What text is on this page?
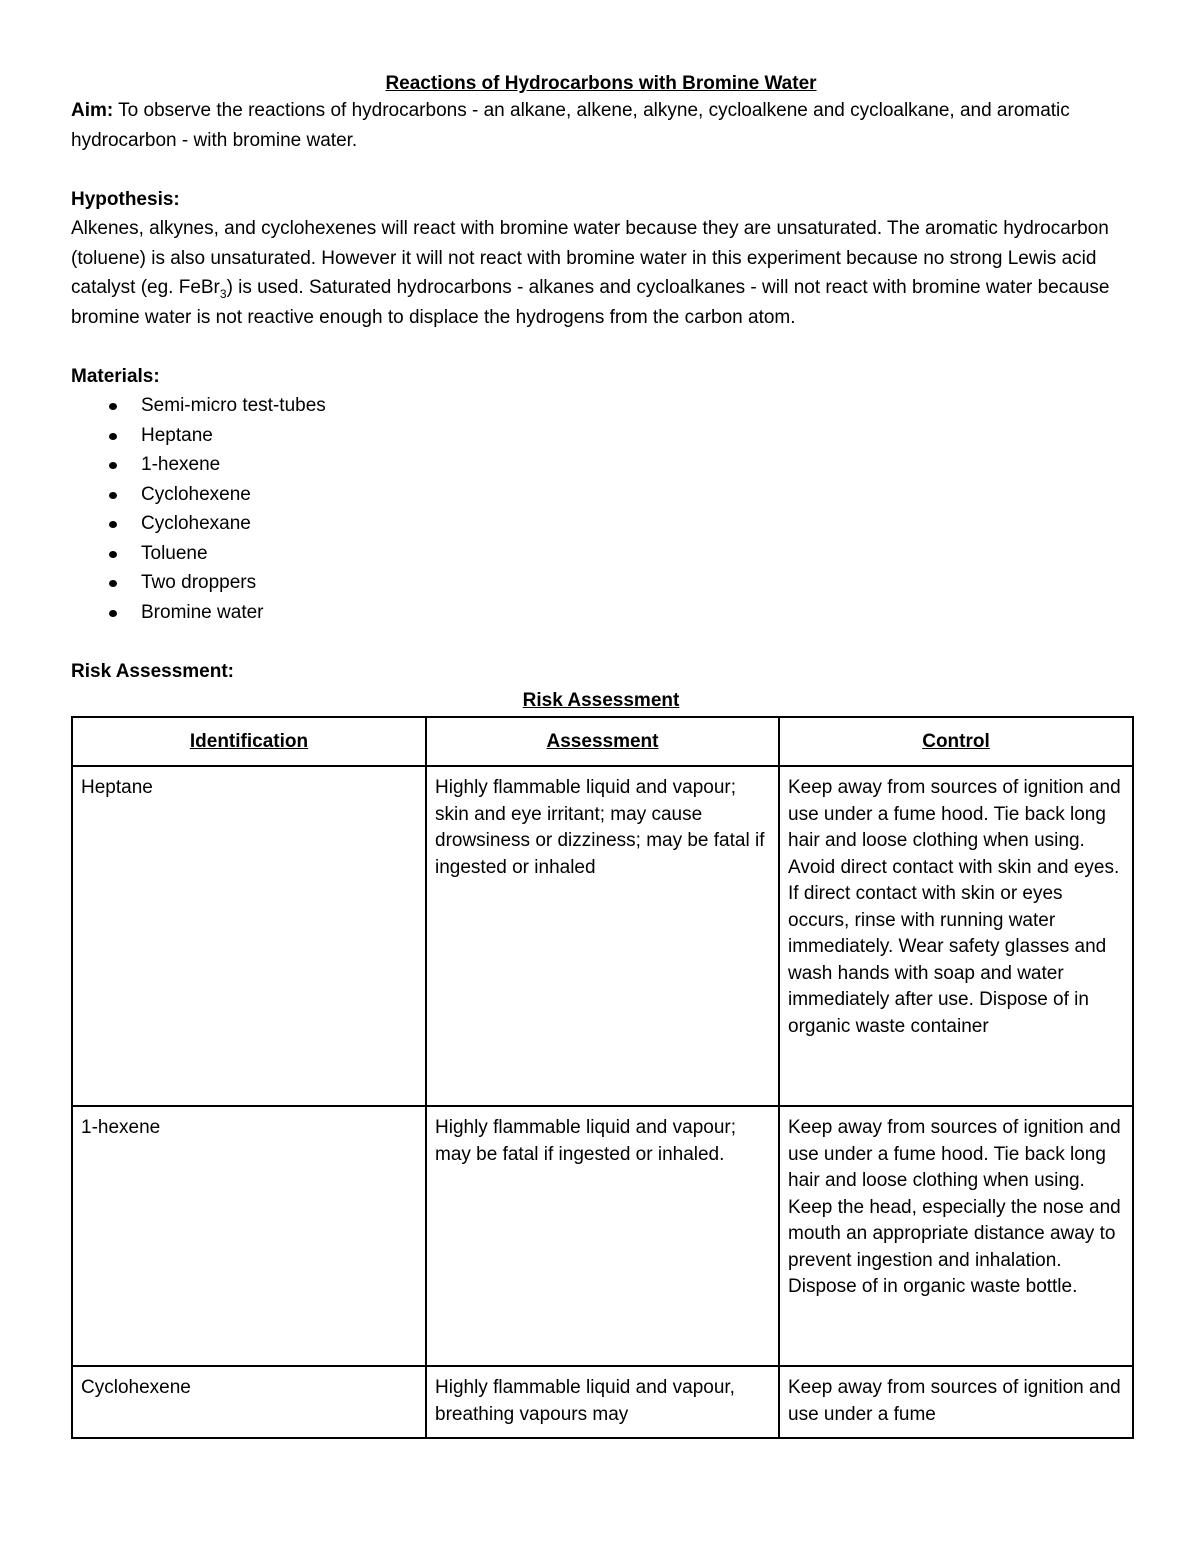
Reactions of Hydrocarbons with Bromine Water

Aim: To observe the reactions of hydrocarbons - an alkane, alkene, alkyne, cycloalkene and cycloalkane, and aromatic hydrocarbon - with bromine water.

Hypothesis:

Alkenes, alkynes, and cyclohexenes will react with bromine water because they are unsaturated. The aromatic hydrocarbon (toluene) is also unsaturated. However it will not react with bromine water in this experiment because no strong Lewis acid catalyst (eg. FeBr$_3$) is used. Saturated hydrocarbons - alkanes and cycloalkanes - will not react with bromine water because bromine water is not reactive enough to displace the hydrogens from the carbon atom.

Materials:

Semi-micro test-tubes
Heptane
1-hexene
Cyclohexene
Cyclohexane
Toluene
Two droppers
Bromine water

Risk Assessment:

Risk Assessment

Identification	Assessment	Control
Heptane	Highly flammable liquid and vapour; skin and eye irritant; may cause drowsiness or dizziness; may be fatal if ingested or inhaled	Keep away from sources of ignition and use under a fume hood. Tie back long hair and loose clothing when using. Avoid direct contact with skin and eyes. If direct contact with skin or eyes occurs, rinse with running water immediately. Wear safety glasses and wash hands with soap and water immediately after use. Dispose of in organic waste container
1-hexene	Highly flammable liquid and vapour; may be fatal if ingested or inhaled.	Keep away from sources of ignition and use under a fume hood. Tie back long hair and loose clothing when using. Keep the head, especially the nose and mouth an appropriate distance away to prevent ingestion and inhalation. Dispose of in organic waste bottle.
Cyclohexene	Highly flammable liquid and vapour, breathing vapours may	Keep away from sources of ignition and use under a fume
